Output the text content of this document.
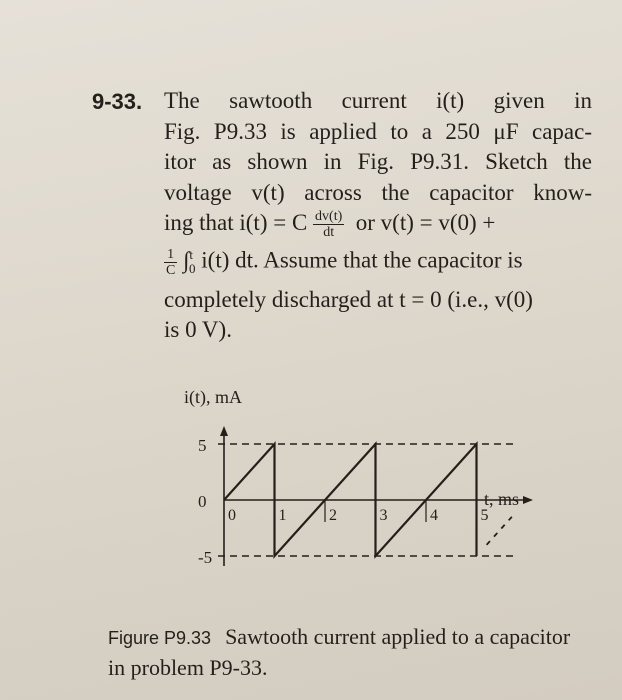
9-33. The sawtooth current i(t) given in
Fig. P9.33 is applied to a 250 μF capac-
itor as shown in Fig. P9.31. Sketch the
voltage v(t) across the capacitor know-
ing that i(t) = C $\frac{dv(t)}{dt}$ or v(t) = v(0) +
$\frac{1}{C} \int^t_0$ i(t) dt. Assume that the capacitor is
completely discharged at t = 0 (i.e., v(0)
is 0 V).
i(t), mA
t, ms
5
0
-5
0	1	2	3	4	5

Figure P9.33 Sawtooth current applied to a capacitor in problem P9-33.
